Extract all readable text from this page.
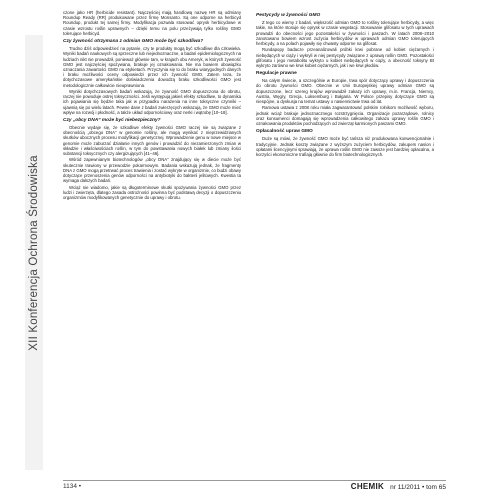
XII Konferencja Ochrona Środowiska

czone jako HR (herbicide resistant). Najczęściej mają handlową nazwę HR są odmiany Roundup Ready (RR) produkowane przez firmę Monsanto. Są one odporne na herbicyd Roundup, produkt tej samej firmy. Modyfikacja pozwala stosować oprysk herbicydowe w czasie wzrostu roślin uprawnych – dzięki temu na polu przeżywają tylko rośliny GMO tolerujące herbicyd.

Czy żywność otrzymana z odmian GMO może być szkodliwa?

Trudno dziś odpowiedzieć na pytanie, czy te produkty mogą być szkodliwe dla człowieka. Wyniki badań naukowych są sprzeczne lub niejednoznaczne, a badań epidemiologicznych na ludziach nikt nie prowadził, ponieważ głównie tam, w krajach obu Ameryk, w których żywność GMO jest najczęściej spożywana, brakuje jej oznakowania. Nie ma bowiem obowiązku oznaczania zawartości GMO na etykietach. Przyczynia się to do braku wiarygodnych danych i braku możliwości oceny odpowiedzi przez ich żywność GMO. Zatem teza, że dotychczasowe amerykańskie doświadczenia dowodzą braku szkodliwości GMO jest metodologicznie całkowicie nieuprawniona.

Wyniki dotychczasowych badań wskazują, że żywność GMO dopuszczona do obrotu, raczej nie powoduje ostrej toksyczności. Jeśli występują jakieś efekty szkodliwe, to dynamika ich pojawiania się będzie taka jak w przypadku narażenia na inne toksyczne czynniki – ujawnią się po wielu latach. Pewne dane z badań zwierzęcych wskazują, że GMO może mieć wpływ na rozwój i płodność, a także układ odpornościowy oraz nerki i wątrobę [10–18].

Czy „obcy DNA” może być niebezpieczny?

Obecnie wydaje się, że szkodliwe efekty żywności GMO raczej nie są związane z obecnością „obcego DNA” w genomie rośliny, ale mogą wynikać z nieprzewidzianych skutków ubocznych procesu modyfikacji genetycznej. Wprowadzenie genu w nowe miejsce w genomie może zaburzać działanie innych genów i prowadzić do niezamierzonych zmian w składzie i właściwościach roślin, w tym do powstawania nowych białek lub zmiany ilości substancji toksycznych czy alergizujących [41–46].

Wśród zapewnianym biotechnologów „obcy DNA” znajdujący się w diecie może być skutecznie trawiony w przewodzie pokarmowym. Badania wskazują jednak, że fragmenty DNA z GMO mogą przetrwać proces trawienia i zostać wykryte w organizmie, co budzi obawy dotyczące przenoszenia genów odporności na antybiotyki do bakterii jelitowych. Kwestia ta wymaga dalszych badań.

Wciąż nie wiadomo, jakie są długoterminowe skutki spożywania żywności GMO przez ludzi i zwierzęta, dlatego zasada ostrożności powinna być podstawą decyzji o dopuszczeniu organizmów modyfikowanych genetycznie do uprawy i obrotu.

Pestycydy w żywności GMO

Z tego co wiemy z badań, większość odmian GMO to rośliny tolerujące herbicydy, a więc takie, na które stosuje się oprysk w czasie wegetacji. Stosowanie glifosatu w tych uprawach prowadzi do obecności jego pozostałości w żywności i paszach. W latach 2008–2010 zanotowano bowiem wzrost zużycia herbicydów w uprawach odmian GMO tolerujących herbicydy, a na polach pojawiły się chwasty odporne na glifosat.

Rundapopy badacze przeanalizowali próbki krwi pobrane od kobiet ciężarnych i niebędących w ciąży i wykryli w niej pestycydy związane z uprawą roślin GMO. Pozostałości glifosatu i jego metabolitu wykryto u kobiet niebędących w ciąży, a obecność toksyny Bt wykryto zarówno we krwi kobiet ciężarnych, jak i we krwi płodów.

Regulacje prawne

Na całym świecie, a szczególnie w Europie, trwa spór dotyczący uprawy i dopuszczenia do obrotu żywności GMO. Obecnie w Unii Europejskiej uprawy odmian GMO są dopuszczone, lecz szereg krajów wprowadził zakazy ich uprawy, m.in. Francja, Niemcy, Austria, Węgry, Grecja, Luksemburg i Bułgaria. W Polsce przepisy dotyczące GMO są niespójne, a dyskusja na temat ustawy o nasiennictwie trwa od lat.

Ramowa ustawa z 2008 roku miała zagwarantować polskim rolnikom możliwość wyboru, jednak wciąż brakuje jednoznacznego rozstrzygnięcia. Organizacje pozarządowe, rolnicy oraz konsumenci domagają się wprowadzenia całkowitego zakazu uprawy roślin GMO i oznakowania produktów pochodzących od zwierząt karmionych paszami GMO.

Opłacalność upraw GMO

Duże są mówi, że żywność GMO może być tańsza niż produkowana konwencjonalnie i tradycyjnie. Jednak koszty związane z wyższym zużyciem herbicydów, zakupem nasion i opłatami licencyjnymi sprawiają, że uprawa roślin GMO nie zawsze jest bardziej opłacalna, a korzyści ekonomiczne trafiają głównie do firm biotechnologicznych.

1134 •	CHEMIK nr 11/2011 • tom 65
